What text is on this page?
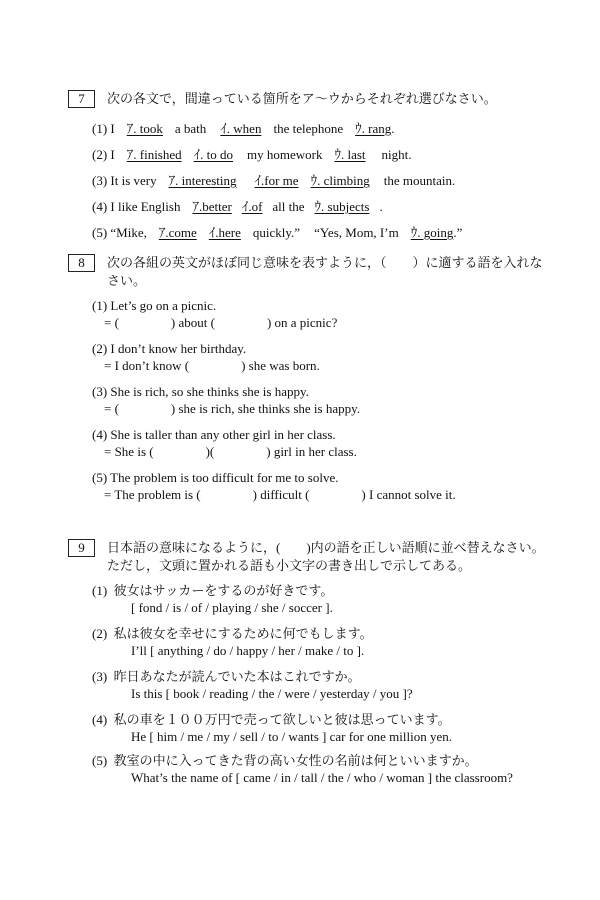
7	次の各文で，間違っている箇所をア～ウからそれぞれ選びなさい。
(1) I ｱ. took a bath ｲ. when the telephone ｳ. rang.
(2) I ｱ. finished ｲ. to do my homework ｳ. last night.
(3) It is very ｱ. interesting ｲ.for me ｳ. climbing the mountain.
(4) I like English ｱ.better ｲ.of all the ｳ. subjects .
(5) “Mike, ｱ.come ｲ.here quickly.” “Yes, Mom, I’m ｳ. going.”
8	次の各組の英文がほぼ同じ意味を表すように，（　　）に適する語を入れな
さい。
(1) Let’s go on a picnic.
= (　　　　) about (　　　　) on a picnic?
(2) I don’t know her birthday.
= I don’t know (　　　　) she was born.
(3) She is rich, so she thinks she is happy.
= (　　　　) she is rich, she thinks she is happy.
(4) She is taller than any other girl in her class.
= She is (　　　　)(　　　　) girl in her class.
(5) The problem is too difficult for me to solve.
= The problem is (　　　　) difficult (　　　　) I cannot solve it.
9	日本語の意味になるように，(　　)内の語を正しい語順に並べ替えなさい。
ただし，文頭に置かれる語も小文字の書き出しで示してある。
(1) 彼女はサッカーをするのが好きです。
[ fond / is / of / playing / she / soccer ].
(2) 私は彼女を幸せにするために何でもします。
I’ll [ anything / do / happy / her / make / to ].
(3) 昨日あなたが読んでいた本はこれですか。
Is this [ book / reading / the / were / yesterday / you ]?
(4) 私の車を１００万円で売って欲しいと彼は思っています。
He [ him / me / my / sell / to / wants ] car for one million yen.
(5) 教室の中に入ってきた背の高い女性の名前は何といいますか。
What’s the name of [ came / in / tall / the / who / woman ] the classroom?
